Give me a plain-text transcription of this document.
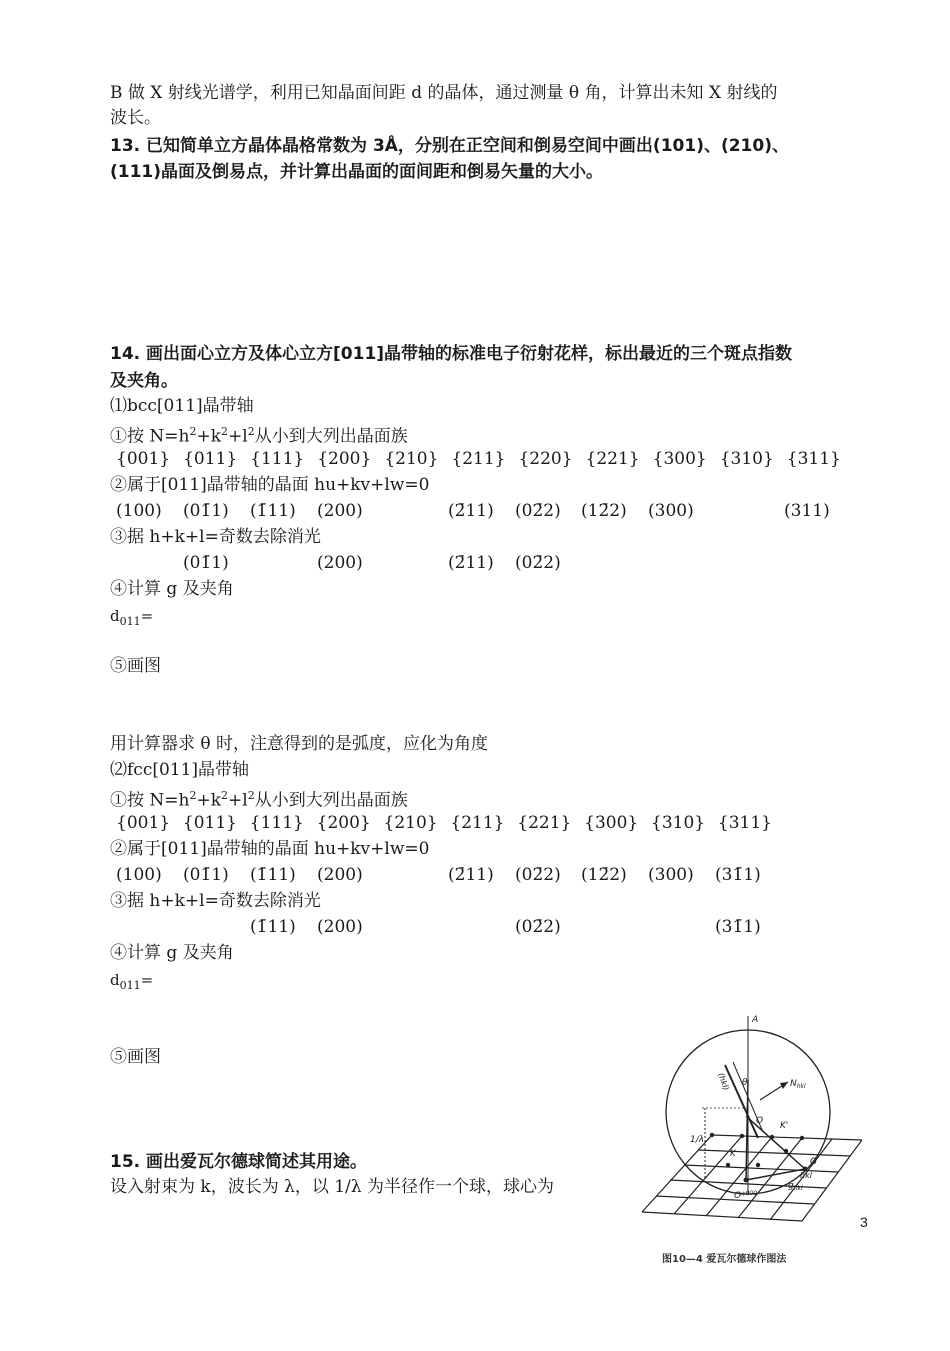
B 做 X 射线光谱学，利用已知晶面间距 d 的晶体，通过测量 θ 角，计算出未知 X 射线的
波长。
13. 已知简单立方晶体晶格常数为 3Å，分别在正空间和倒易空间中画出(101)、(210)、
(111)晶面及倒易点，并计算出晶面的面间距和倒易矢量的大小。
14. 画出面心立方及体心立方[011]晶带轴的标准电子衍射花样，标出最近的三个斑点指数
及夹角。
⑴bcc[011]晶带轴
①按 $N=h^2+k^2+l^2$从小到大列出晶面族
{001} {011} {111} {200} {210} {211} {220} {221} {300} {310} {311}
②属于[011]晶带轴的晶面 hu+kv+lw=0
(100) (01̄1) (1̄11) (200)	(2̄11) (02̄2) (12̄2) (300)	(311)
③据 h+k+l=奇数去除消光
(01̄1)	(200)	(2̄11) (02̄2)
④计算 g 及夹角
$d_{011}=$
⑤画图
用计算器求 θ 时，注意得到的是弧度，应化为角度
⑵fcc[011]晶带轴
①按 $N=h^2+k^2+l^2$从小到大列出晶面族
{001} {011} {111} {200} {210} {211} {221} {300} {310} {311}
②属于[011]晶带轴的晶面 hu+kv+lw=0
(100) (01̄1) (1̄11) (200)	(2̄11) (02̄2) (12̄2) (300) (31̄1)
③据 h+k+l=奇数去除消光
(1̄11) (200)	(02̄2)	(31̄1)
④计算 g 及夹角
$d_{011}=$
⑤画图
15. 画出爱瓦尔德球简述其用途。
设入射束为 k，波长为 λ，以 1/λ 为半径作一个球，球心为
A
(hkl) θ	$N_{hkl}$
1/λ
K
K'
O
O*$^{000}$
G
hkl
$g_{hkl}$
图10—4 爱瓦尔德球作图法
3
